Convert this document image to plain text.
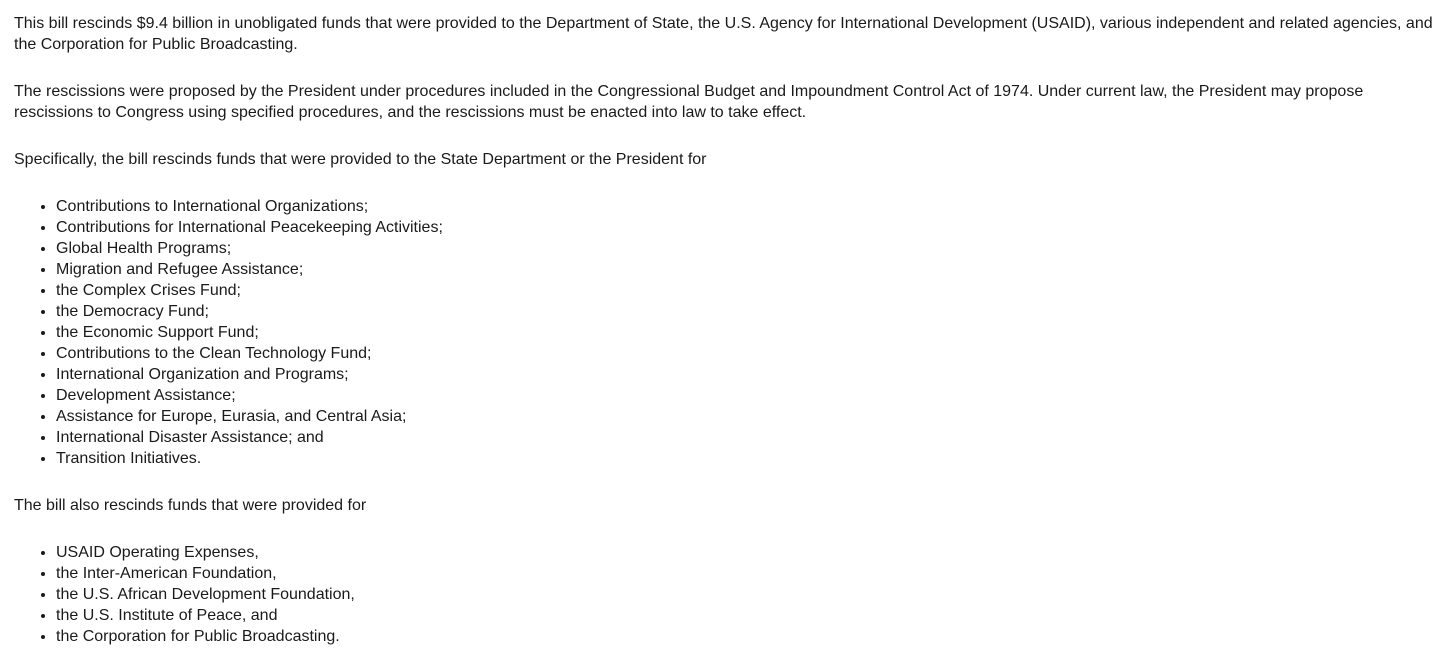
This bill rescinds $9.4 billion in unobligated funds that were provided to the Department of State, the U.S. Agency for International Development (USAID), various independent and related agencies, and the Corporation for Public Broadcasting.

The rescissions were proposed by the President under procedures included in the Congressional Budget and Impoundment Control Act of 1974. Under current law, the President may propose rescissions to Congress using specified procedures, and the rescissions must be enacted into law to take effect.

Specifically, the bill rescinds funds that were provided to the State Department or the President for

• Contributions to International Organizations;
• Contributions for International Peacekeeping Activities;
• Global Health Programs;
• Migration and Refugee Assistance;
• the Complex Crises Fund;
• the Democracy Fund;
• the Economic Support Fund;
• Contributions to the Clean Technology Fund;
• International Organization and Programs;
• Development Assistance;
• Assistance for Europe, Eurasia, and Central Asia;
• International Disaster Assistance; and
• Transition Initiatives.

The bill also rescinds funds that were provided for

• USAID Operating Expenses,
• the Inter-American Foundation,
• the U.S. African Development Foundation,
• the U.S. Institute of Peace, and
• the Corporation for Public Broadcasting.
